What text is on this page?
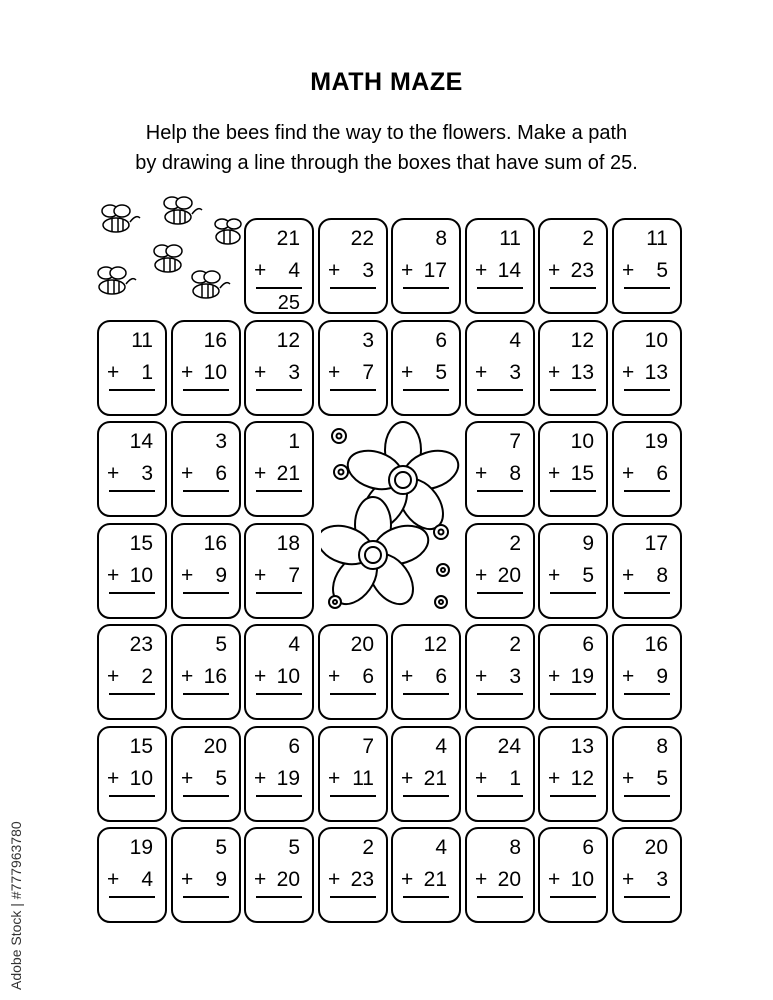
MATH MAZE
Help the bees find the way to the flowers. Make a path
by drawing a line through the boxes that have sum of 25.
21
+ 4
25
22
+ 3
8
+ 17
11
+ 14
2
+ 23
11
+ 5
11
+ 1
16
+ 10
12
+ 3
3
+ 7
6
+ 5
4
+ 3
12
+ 13
10
+ 13
14
+ 3
3
+ 6
1
+ 21
7
+ 8
10
+ 15
19
+ 6
15
+ 10
16
+ 9
18
+ 7
2
+ 20
9
+ 5
17
+ 8
23
+ 2
5
+ 16
4
+ 10
20
+ 6
12
+ 6
2
+ 3
6
+ 19
16
+ 9
15
+ 10
20
+ 5
6
+ 19
7
+ 11
4
+ 21
24
+ 1
13
+ 12
8
+ 5
19
+ 4
5
+ 9
5
+ 20
2
+ 23
4
+ 21
8
+ 20
6
+ 10
20
+ 3
Adobe Stock | #777963780
